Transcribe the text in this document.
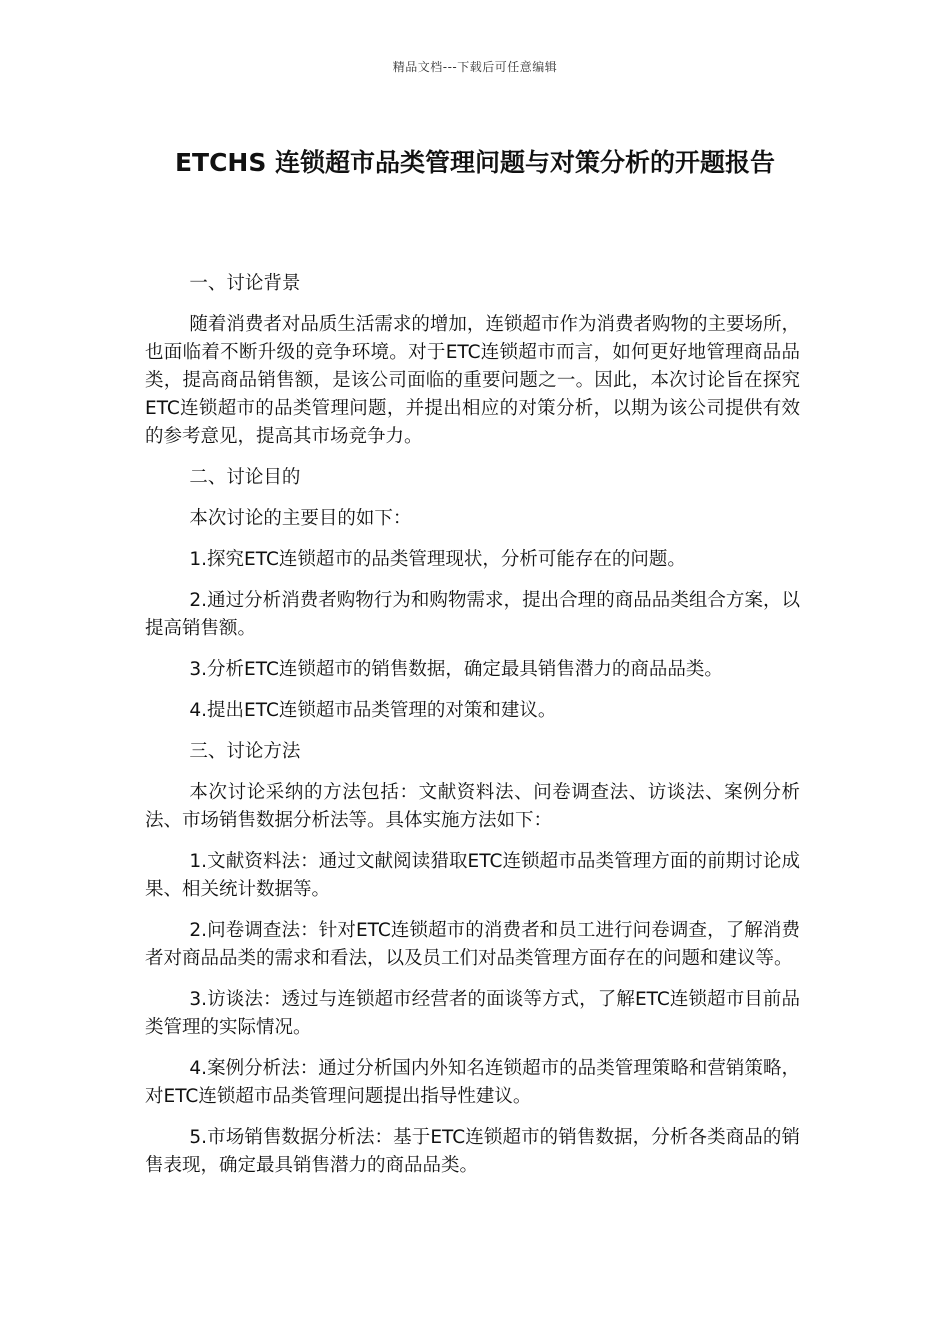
精品文档---下载后可任意编辑
ETCHS 连锁超市品类管理问题与对策分析的开题报告

一、讨论背景

随着消费者对品质生活需求的增加，连锁超市作为消费者购物的主要场所，也面临着不断升级的竞争环境。对于ETC连锁超市而言，如何更好地管理商品品类，提高商品销售额，是该公司面临的重要问题之一。因此，本次讨论旨在探究ETC连锁超市的品类管理问题，并提出相应的对策分析，以期为该公司提供有效的参考意见，提高其市场竞争力。

二、讨论目的

本次讨论的主要目的如下：

1.探究ETC连锁超市的品类管理现状，分析可能存在的问题。

2.通过分析消费者购物行为和购物需求，提出合理的商品品类组合方案，以提高销售额。

3.分析ETC连锁超市的销售数据，确定最具销售潜力的商品品类。

4.提出ETC连锁超市品类管理的对策和建议。

三、讨论方法

本次讨论采纳的方法包括：文献资料法、问卷调查法、访谈法、案例分析法、市场销售数据分析法等。具体实施方法如下：

1.文献资料法：通过文献阅读猎取ETC连锁超市品类管理方面的前期讨论成果、相关统计数据等。

2.问卷调查法：针对ETC连锁超市的消费者和员工进行问卷调查，了解消费者对商品品类的需求和看法，以及员工们对品类管理方面存在的问题和建议等。

3.访谈法：透过与连锁超市经营者的面谈等方式，了解ETC连锁超市目前品类管理的实际情况。

4.案例分析法：通过分析国内外知名连锁超市的品类管理策略和营销策略，对ETC连锁超市品类管理问题提出指导性建议。

5.市场销售数据分析法：基于ETC连锁超市的销售数据，分析各类商品的销售表现，确定最具销售潜力的商品品类。
